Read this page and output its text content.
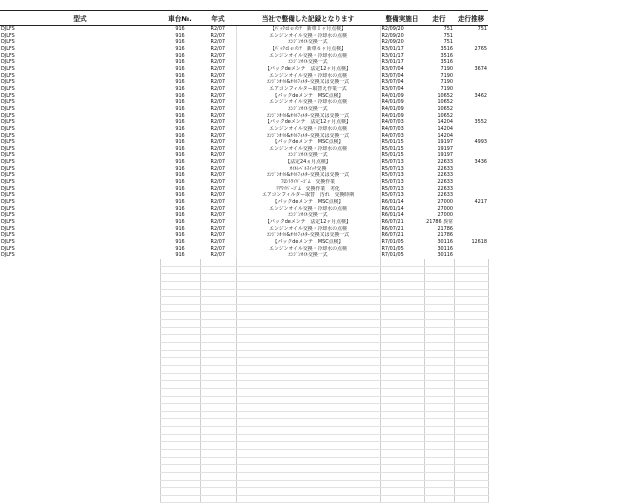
型式	車台№.	年式	当社で整備した記録となります	整備実施日	走行	走行推移
DJLFS	916	R2/07	【ﾊﾟｯｸｄｅﾒﾝﾃ　新車１ヶ月点検】	R2/09/20	751	751
DJLFS	916	R2/07	エンジンオイル交換・冷却水の点検	R2/09/20	751	
DJLFS	916	R2/07	ｴﾝｼﾞﾝｵｲﾙ交換一式	R2/09/20	751	
DJLFS	916	R2/07	【ﾊﾟｯｸｄｅﾒﾝﾃ　新車６ヶ月点検】	R3/01/17	3516	2765
DJLFS	916	R2/07	エンジンオイル交換・冷却水の点検	R3/01/17	3516	
DJLFS	916	R2/07	ｴﾝｼﾞﾝｵｲﾙ交換一式	R3/01/17	3516	
DJLFS	916	R2/07	【パックdeメンテ　法定12ヶ月点検】	R3/07/04	7190	3674
DJLFS	916	R2/07	エンジンオイル交換・冷却水の点検	R3/07/04	7190	
DJLFS	916	R2/07	ｴﾝｼﾞﾝｵｲﾙ&ｵｲﾙﾌｨﾙﾀｰ交換又は交換一式	R3/07/04	7190	
DJLFS	916	R2/07	エアコンフィルター取替え作業一式	R3/07/04	7190	
DJLFS	916	R2/07	【パックdeメンテ　MSC点検】	R4/01/09	10652	3462
DJLFS	916	R2/07	エンジンオイル交換・冷却水の点検	R4/01/09	10652	
DJLFS	916	R2/07	ｴﾝｼﾞﾝｵｲﾙ交換一式	R4/01/09	10652	
DJLFS	916	R2/07	ｴﾝｼﾞﾝｵｲﾙ&ｵｲﾙﾌｨﾙﾀｰ交換又は交換一式	R4/01/09	10652	
DJLFS	916	R2/07	【パックdeメンテ　法定12ヶ月点検】	R4/07/03	14204	3552
DJLFS	916	R2/07	エンジンオイル交換・冷却水の点検	R4/07/03	14204	
DJLFS	916	R2/07	ｴﾝｼﾞﾝｵｲﾙ&ｵｲﾙﾌｨﾙﾀｰ交換又は交換一式	R4/07/03	14204	
DJLFS	916	R2/07	【パックdeメンテ　MSC点検】	R5/01/15	19197	4993
DJLFS	916	R2/07	エンジンオイル交換・冷却水の点検	R5/01/15	19197	
DJLFS	916	R2/07	ｴﾝｼﾞﾝｵｲﾙ交換一式	R5/01/15	19197	
DJLFS	916	R2/07	【法定24ヵ月点検】	R5/07/13	22633	3436
DJLFS	916	R2/07	ｵｲﾙﾚﾍﾞﾙｽｲｯﾁ交換	R5/07/13	22633	
DJLFS	916	R2/07	ｴﾝｼﾞﾝｵｲﾙ&ｵｲﾙﾌｨﾙﾀｰ交換又は交換一式	R5/07/13	22633	
DJLFS	916	R2/07	ﾌﾛﾝﾄﾜｲﾊﾟｰｺﾞﾑ　交換作業	R5/07/13	22633	
DJLFS	916	R2/07	ﾘｱﾜｲﾊﾟｰｺﾞﾑ　交換作業　劣化	R5/07/13	22633	
DJLFS	916	R2/07	エアコンフィルター取替　汚れ　交換時期	R5/07/13	22633	
DJLFS	916	R2/07	【パックdeメンテ　MSC点検】	R6/01/14	27000	4217
DJLFS	916	R2/07	エンジンオイル交換・冷却水の点検	R6/01/14	27000	
DJLFS	916	R2/07	ｴﾝｼﾞﾝｵｲﾙ交換一式	R6/01/14	27000	
DJLFS	916	R2/07	【パックdeメンテ　法定12ヶ月点検】	R6/07/21	21786 異常	
DJLFS	916	R2/07	エンジンオイル交換・冷却水の点検	R6/07/21	21786	
DJLFS	916	R2/07	ｴﾝｼﾞﾝｵｲﾙ&ｵｲﾙﾌｨﾙﾀｰ交換又は交換一式	R6/07/21	21786	
DJLFS	916	R2/07	【パックdeメンテ　MSC点検】	R7/01/05	30116	12618
DJLFS	916	R2/07	エンジンオイル交換・冷却水の点検	R7/01/05	30116	
DJLFS	916	R2/07	ｴﾝｼﾞﾝｵｲﾙ交換一式	R7/01/05	30116	
